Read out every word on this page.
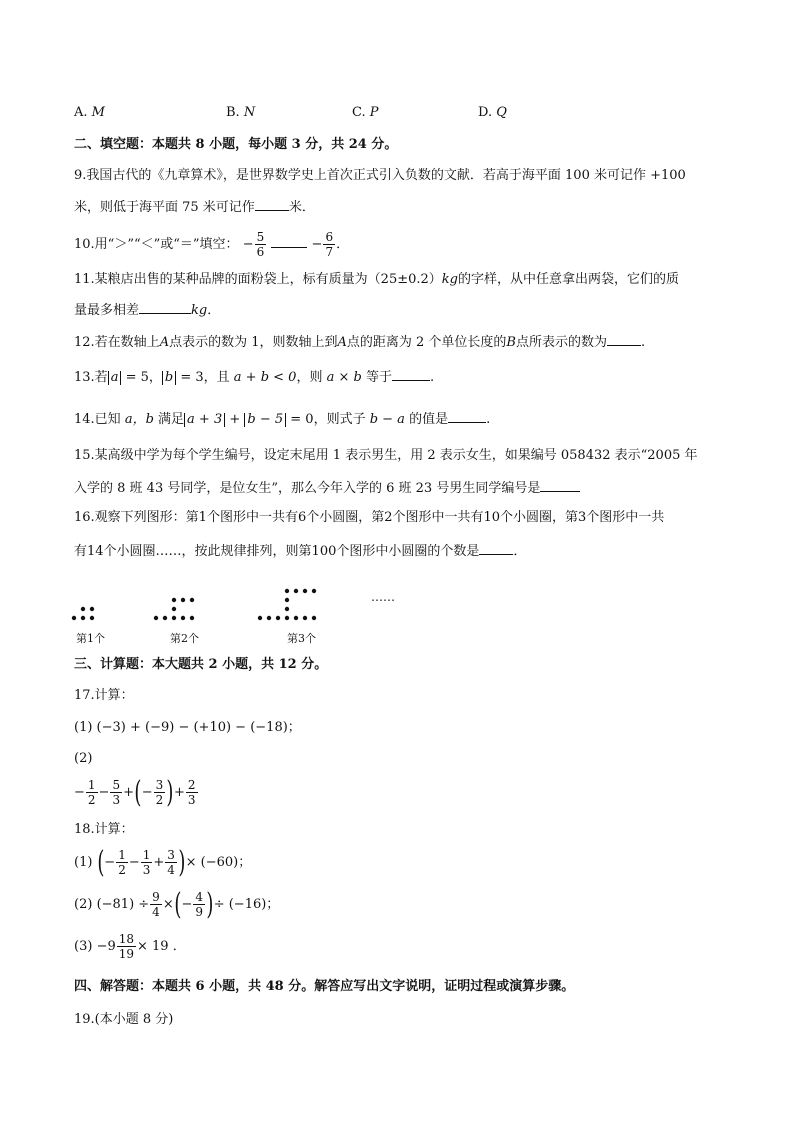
A. M	B. N	C. P	D. Q
二、填空题：本题共 8 小题，每小题 3 分，共 24 分。
9.我国古代的《九章算术》，是世界数学史上首次正式引入负数的文献．若高于海平面 100 米可记作 +100
米，则低于海平面 75 米可记作	米．
10.用“＞”“＜”或“＝”填空： − $\frac{5}{6}$	− $\frac{6}{7}$ ．
11.某粮店出售的某种品牌的面粉袋上，标有质量为（25±0.2）kg的字样，从中任意拿出两袋，它们的质
量最多相差	kg．
12.若在数轴上A点表示的数为 1，则数轴上到A点的距离为 2 个单位长度的B点所表示的数为	.
13.若 a = 5， b = 3，且 a + b < 0，则 a × b 等于	.
14.已知 a，b 满足 a + 3 + b − 5 = 0，则式子 b − a 的值是	.
15.某高级中学为每个学生编号，设定末尾用 1 表示男生，用 2 表示女生，如果编号 058432 表示“2005 年
入学的 8 班 43 号同学，是位女生”，那么今年入学的 6 班 23 号男生同学编号是
16.观察下列图形：第1个图形中一共有6个小圆圈，第2个图形中一共有10个小圆圈，第3个图形中一共
有14个小圆圈……，按此规律排列，则第100个图形中小圆圈的个数是	．
第1个	第2个	第3个
……
三、计算题：本大题共 2 小题，共 12 分。
17.计算：
(1) (−3) + (−9) − (+10) − (−18)；
(2)
− $\frac{1}{2} - \frac{5}{3}$ +(− $\frac{3}{2}$ )+ $\frac{2}{3}$
18.计算：
(1) (− $\frac{1}{2} - \frac{1}{3} + \frac{3}{4}$ )× (−60)；
(2) $(-81) \div \frac{9}{4}$ ×(− $\frac{4}{9}$ )÷ (−16)；
$(3) -9 \frac{18}{19} \times 19$ ．
四、解答题：本题共 6 小题，共 48 分。解答应写出文字说明，证明过程或演算步骤。
19.(本小题 8 分)
